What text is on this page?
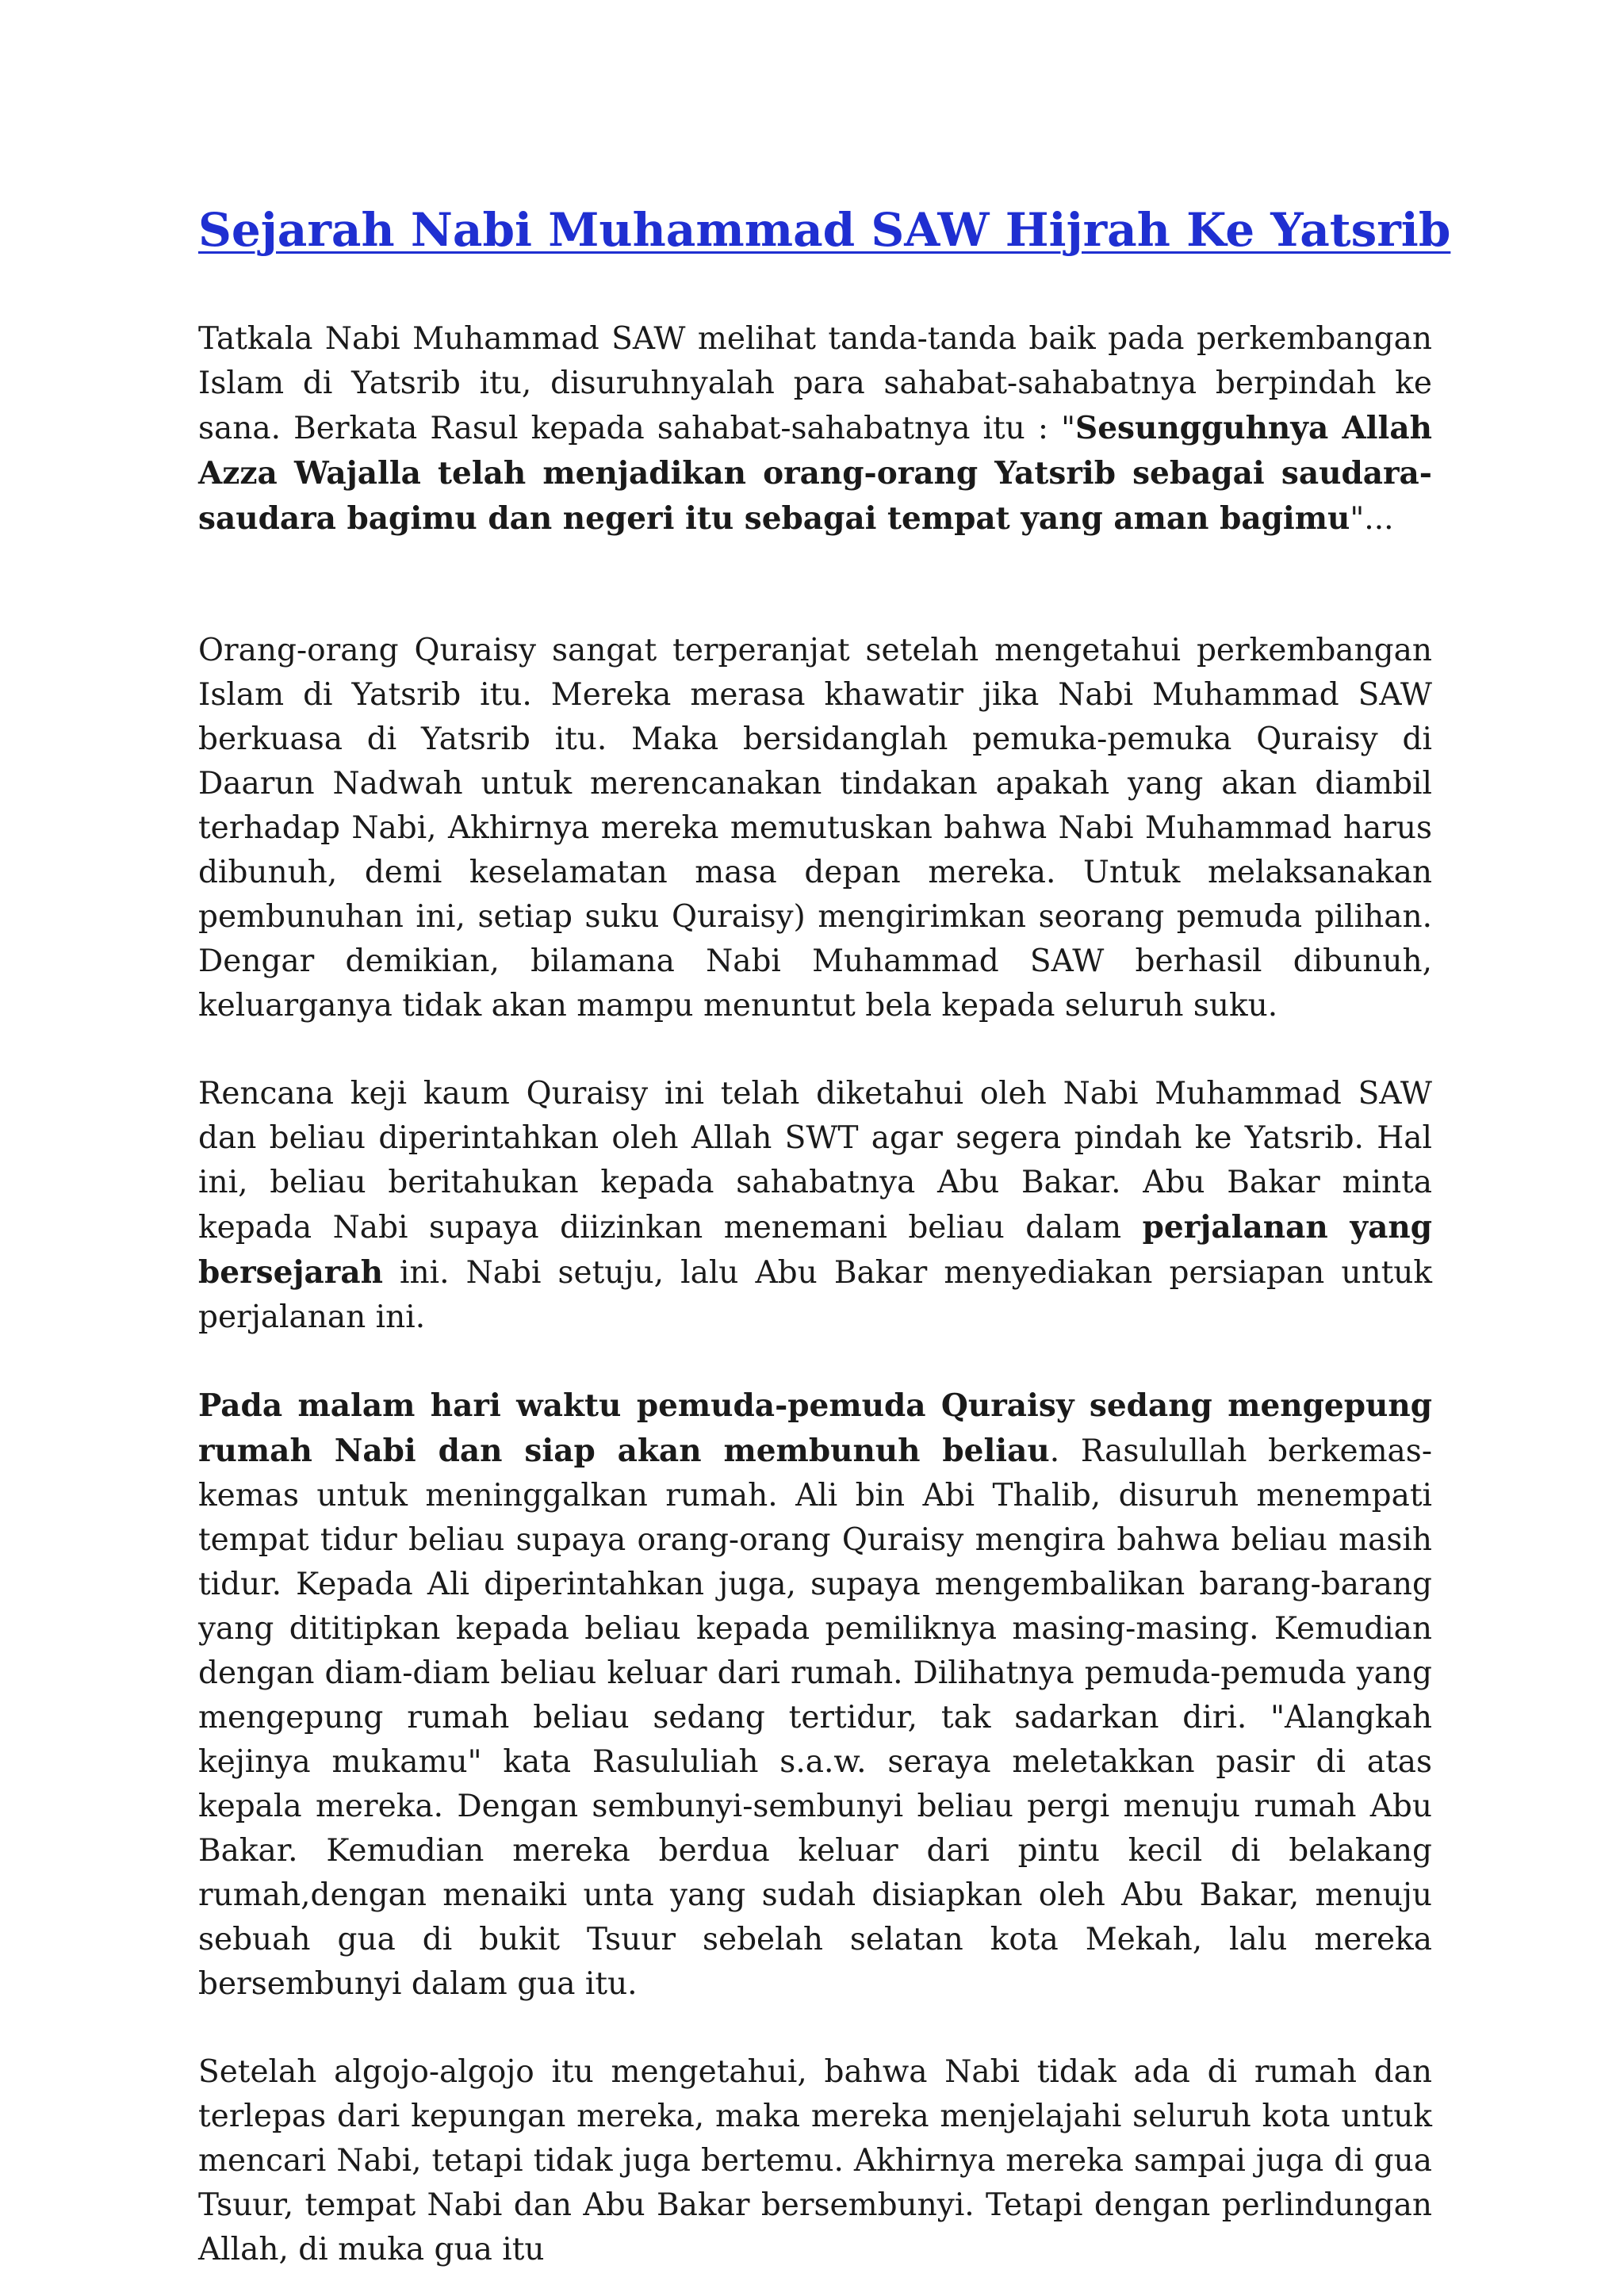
Sejarah Nabi Muhammad SAW Hijrah Ke Yatsrib

Tatkala Nabi Muhammad SAW melihat tanda-tanda baik pada perkembangan Islam di Yatsrib itu, disuruhnyalah para sahabat-sahabatnya berpindah ke sana. Berkata Rasul kepada sahabat-sahabatnya itu : "Sesungguhnya Allah Azza Wajalla telah menjadikan orang-orang Yatsrib sebagai saudara-saudara bagimu dan negeri itu sebagai tempat yang aman bagimu"...

Orang-orang Quraisy sangat terperanjat setelah mengetahui perkembangan Islam di Yatsrib itu. Mereka merasa khawatir jika Nabi Muhammad SAW berkuasa di Yatsrib itu. Maka bersidanglah pemuka-pemuka Quraisy di Daarun Nadwah untuk merencanakan tindakan apakah yang akan diambil terhadap Nabi, Akhirnya mereka memutuskan bahwa Nabi Muhammad harus dibunuh, demi keselamatan masa depan mereka. Untuk melaksanakan pembunuhan ini, setiap suku Quraisy) mengirimkan seorang pemuda pilihan. Dengar demikian, bilamana Nabi Muhammad SAW berhasil dibunuh, keluarganya tidak akan mampu menuntut bela kepada seluruh suku.

Rencana keji kaum Quraisy ini telah diketahui oleh Nabi Muhammad SAW dan beliau diperintahkan oleh Allah SWT agar segera pindah ke Yatsrib. Hal ini, beliau beritahukan kepada sahabatnya Abu Bakar. Abu Bakar minta kepada Nabi supaya diizinkan menemani beliau dalam perjalanan yang bersejarah ini. Nabi setuju, lalu Abu Bakar menyediakan persiapan untuk perjalanan ini.

Pada malam hari waktu pemuda-pemuda Quraisy sedang mengepung rumah Nabi dan siap akan membunuh beliau. Rasulullah berkemas-kemas untuk meninggalkan rumah. Ali bin Abi Thalib, disuruh menempati tempat tidur beliau supaya orang-orang Quraisy mengira bahwa beliau masih tidur. Kepada Ali diperintahkan juga, supaya mengembalikan barang-barang yang dititipkan kepada beliau kepada pemiliknya masing-masing. Kemudian dengan diam-diam beliau keluar dari rumah. Dilihatnya pemuda-pemuda yang mengepung rumah beliau sedang tertidur, tak sadarkan diri. "Alangkah kejinya mukamu" kata Rasululiah s.a.w. seraya meletakkan pasir di atas kepala mereka. Dengan sembunyi-sembunyi beliau pergi menuju rumah Abu Bakar. Kemudian mereka berdua keluar dari pintu kecil di belakang rumah,dengan menaiki unta yang sudah disiapkan oleh Abu Bakar, menuju sebuah gua di bukit Tsuur sebelah selatan kota Mekah, lalu mereka bersembunyi dalam gua itu.

Setelah algojo-algojo itu mengetahui, bahwa Nabi tidak ada di rumah dan terlepas dari kepungan mereka, maka mereka menjelajahi seluruh kota untuk mencari Nabi, tetapi tidak juga bertemu. Akhirnya mereka sampai juga di gua Tsuur, tempat Nabi dan Abu Bakar bersembunyi. Tetapi dengan perlindungan Allah, di muka gua itu
